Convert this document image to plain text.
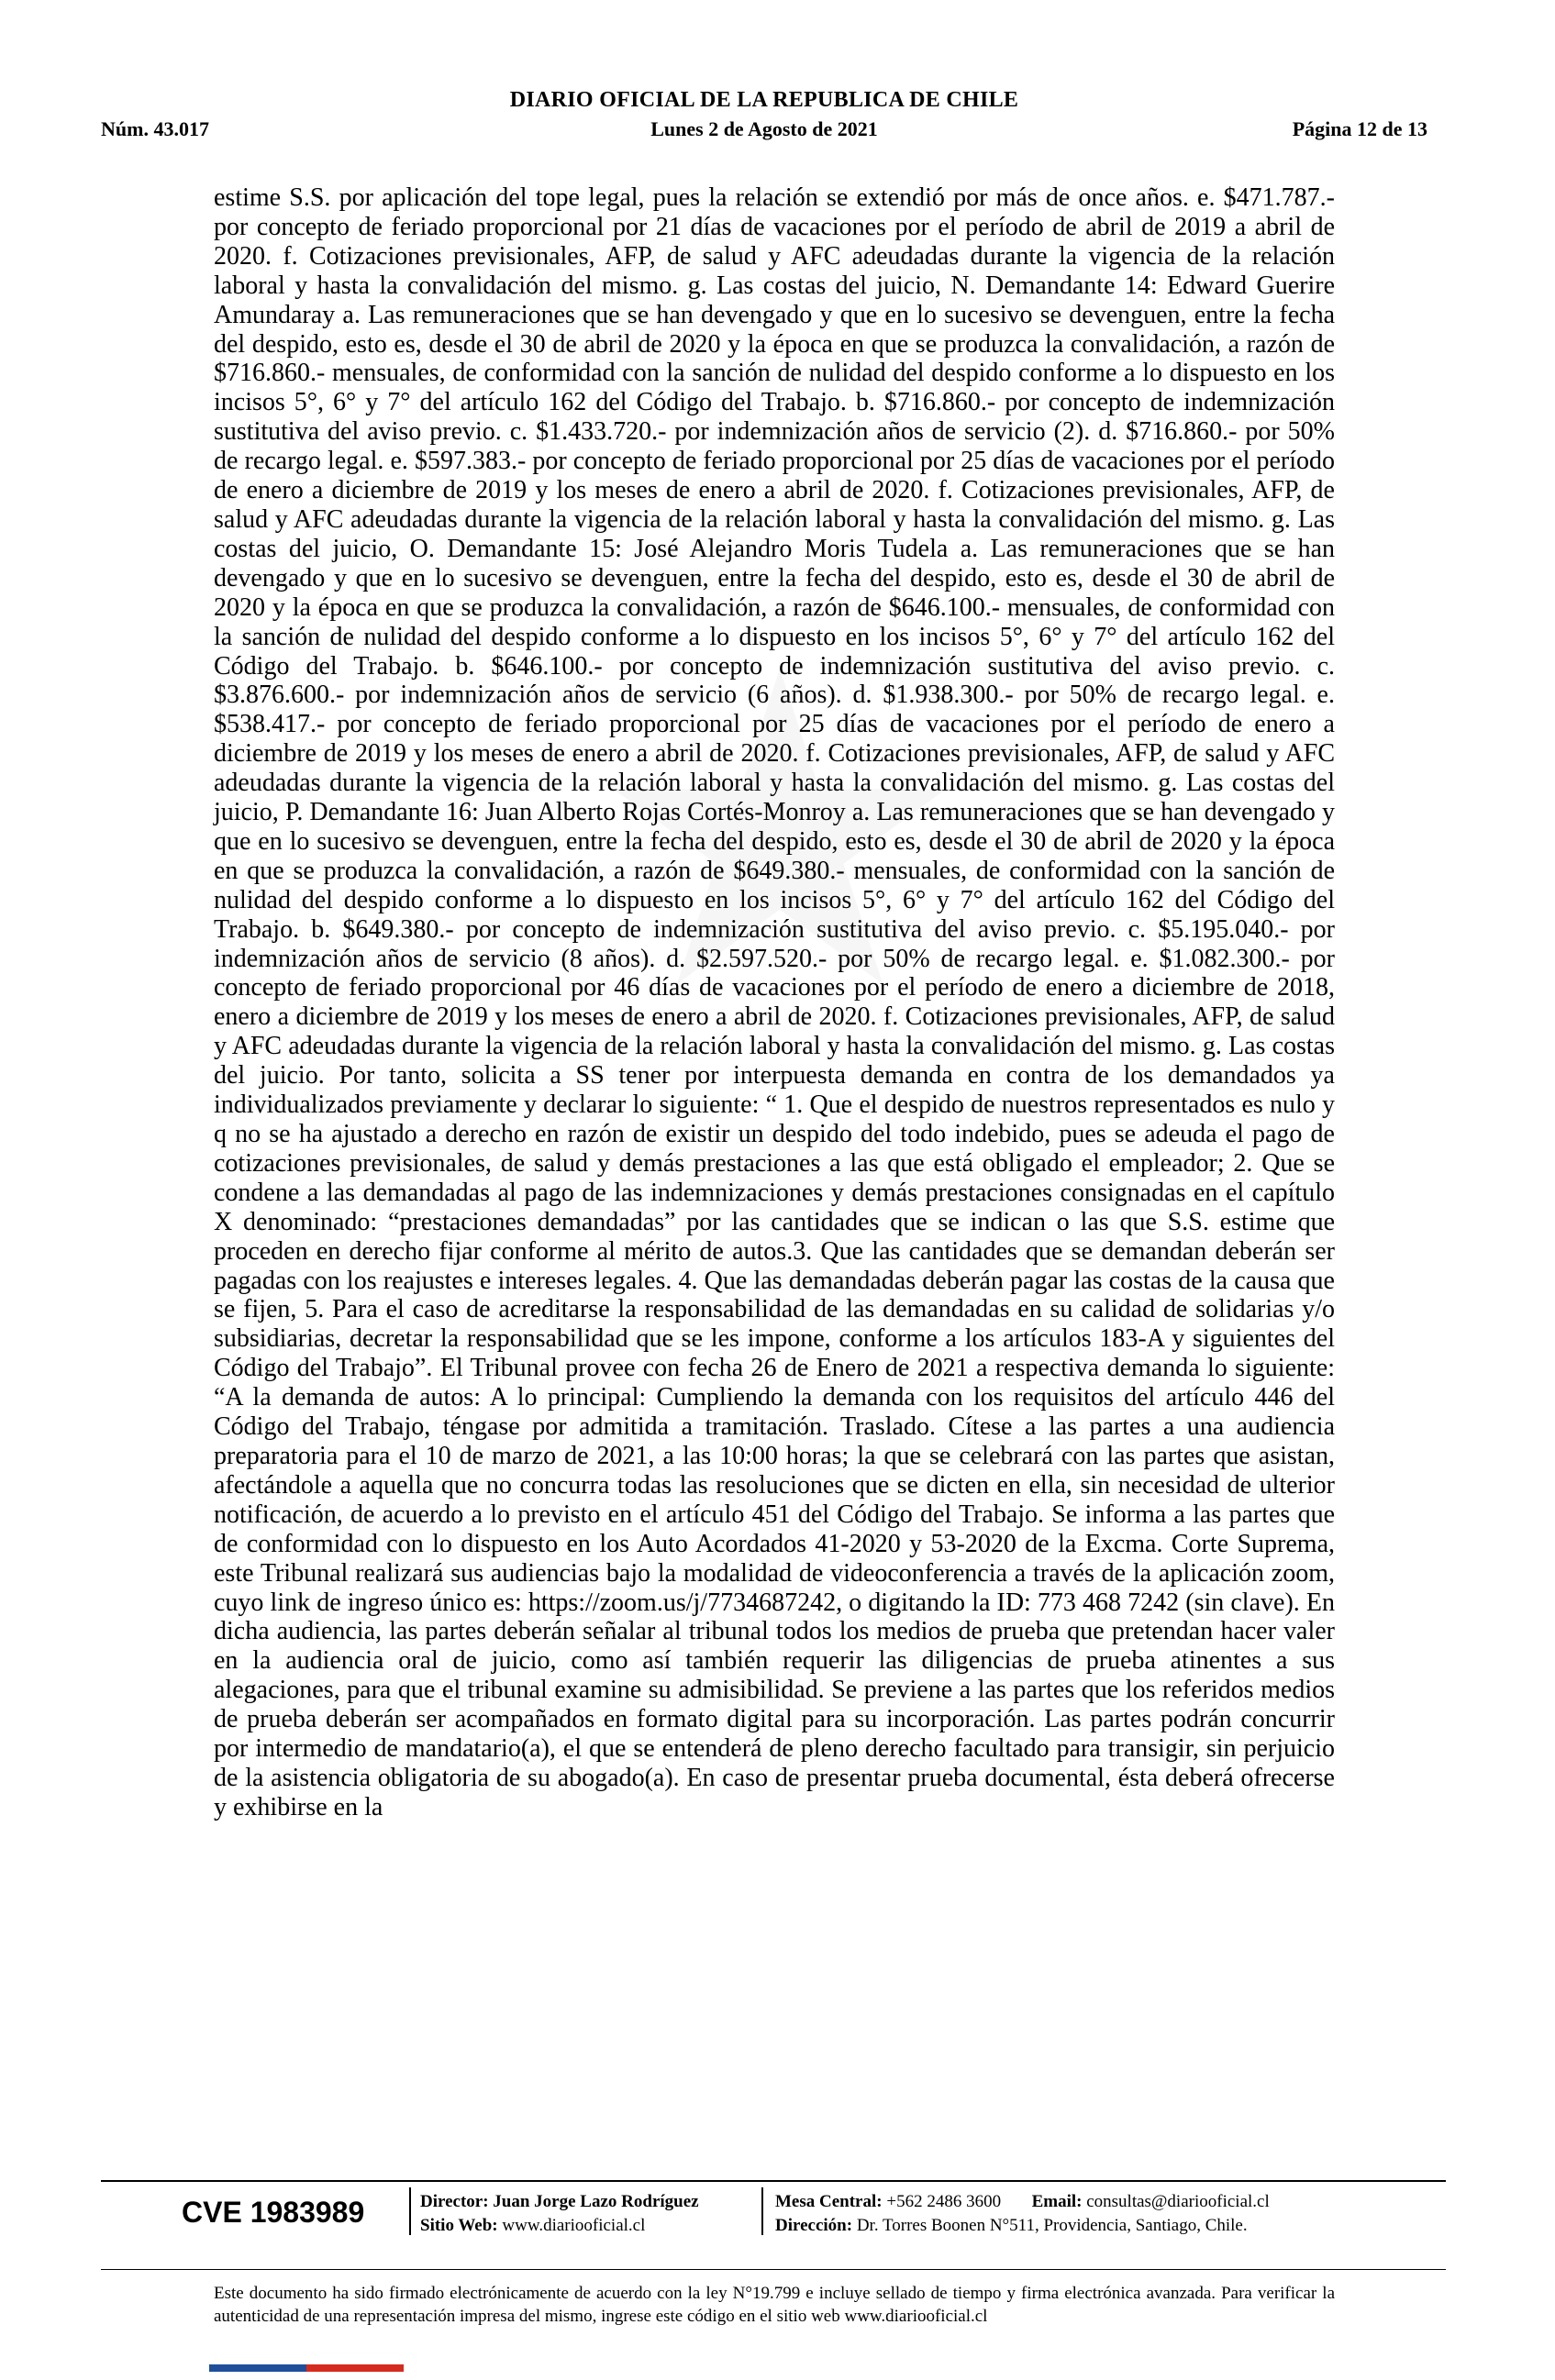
DIARIO OFICIAL DE LA REPUBLICA DE CHILE
Núm. 43.017	Lunes 2 de Agosto de 2021	Página 12 de 13

estime S.S. por aplicación del tope legal, pues la relación se extendió por más de once años. e. $471.787.- por concepto de feriado proporcional por 21 días de vacaciones por el período de abril de 2019 a abril de 2020. f. Cotizaciones previsionales, AFP, de salud y AFC adeudadas durante la vigencia de la relación laboral y hasta la convalidación del mismo. g. Las costas del juicio, N. Demandante 14: Edward Guerire Amundaray a. Las remuneraciones que se han devengado y que en lo sucesivo se devenguen, entre la fecha del despido, esto es, desde el 30 de abril de 2020 y la época en que se produzca la convalidación, a razón de $716.860.- mensuales, de conformidad con la sanción de nulidad del despido conforme a lo dispuesto en los incisos 5°, 6° y 7° del artículo 162 del Código del Trabajo. b. $716.860.- por concepto de indemnización sustitutiva del aviso previo. c. $1.433.720.- por indemnización años de servicio (2). d. $716.860.- por 50% de recargo legal. e. $597.383.- por concepto de feriado proporcional por 25 días de vacaciones por el período de enero a diciembre de 2019 y los meses de enero a abril de 2020. f. Cotizaciones previsionales, AFP, de salud y AFC adeudadas durante la vigencia de la relación laboral y hasta la convalidación del mismo. g. Las costas del juicio, O. Demandante 15: José Alejandro Moris Tudela a. Las remuneraciones que se han devengado y que en lo sucesivo se devenguen, entre la fecha del despido, esto es, desde el 30 de abril de 2020 y la época en que se produzca la convalidación, a razón de $646.100.- mensuales, de conformidad con la sanción de nulidad del despido conforme a lo dispuesto en los incisos 5°, 6° y 7° del artículo 162 del Código del Trabajo. b. $646.100.- por concepto de indemnización sustitutiva del aviso previo. c. $3.876.600.- por indemnización años de servicio (6 años). d. $1.938.300.- por 50% de recargo legal. e. $538.417.- por concepto de feriado proporcional por 25 días de vacaciones por el período de enero a diciembre de 2019 y los meses de enero a abril de 2020. f. Cotizaciones previsionales, AFP, de salud y AFC adeudadas durante la vigencia de la relación laboral y hasta la convalidación del mismo. g. Las costas del juicio, P. Demandante 16: Juan Alberto Rojas Cortés-Monroy a. Las remuneraciones que se han devengado y que en lo sucesivo se devenguen, entre la fecha del despido, esto es, desde el 30 de abril de 2020 y la época en que se produzca la convalidación, a razón de $649.380.- mensuales, de conformidad con la sanción de nulidad del despido conforme a lo dispuesto en los incisos 5°, 6° y 7° del artículo 162 del Código del Trabajo. b. $649.380.- por concepto de indemnización sustitutiva del aviso previo. c. $5.195.040.- por indemnización años de servicio (8 años). d. $2.597.520.- por 50% de recargo legal. e. $1.082.300.- por concepto de feriado proporcional por 46 días de vacaciones por el período de enero a diciembre de 2018, enero a diciembre de 2019 y los meses de enero a abril de 2020. f. Cotizaciones previsionales, AFP, de salud y AFC adeudadas durante la vigencia de la relación laboral y hasta la convalidación del mismo. g. Las costas del juicio. Por tanto, solicita a SS tener por interpuesta demanda en contra de los demandados ya individualizados previamente y declarar lo siguiente: “ 1. Que el despido de nuestros representados es nulo y q no se ha ajustado a derecho en razón de existir un despido del todo indebido, pues se adeuda el pago de cotizaciones previsionales, de salud y demás prestaciones a las que está obligado el empleador; 2. Que se condene a las demandadas al pago de las indemnizaciones y demás prestaciones consignadas en el capítulo X denominado: “prestaciones demandadas” por las cantidades que se indican o las que S.S. estime que proceden en derecho fijar conforme al mérito de autos.3. Que las cantidades que se demandan deberán ser pagadas con los reajustes e intereses legales. 4. Que las demandadas deberán pagar las costas de la causa que se fijen, 5. Para el caso de acreditarse la responsabilidad de las demandadas en su calidad de solidarias y/o subsidiarias, decretar la responsabilidad que se les impone, conforme a los artículos 183-A y siguientes del Código del Trabajo”. El Tribunal provee con fecha 26 de Enero de 2021 a respectiva demanda lo siguiente: “A la demanda de autos: A lo principal: Cumpliendo la demanda con los requisitos del artículo 446 del Código del Trabajo, téngase por admitida a tramitación. Traslado. Cítese a las partes a una audiencia preparatoria para el 10 de marzo de 2021, a las 10:00 horas; la que se celebrará con las partes que asistan, afectándole a aquella que no concurra todas las resoluciones que se dicten en ella, sin necesidad de ulterior notificación, de acuerdo a lo previsto en el artículo 451 del Código del Trabajo. Se informa a las partes que de conformidad con lo dispuesto en los Auto Acordados 41-2020 y 53-2020 de la Excma. Corte Suprema, este Tribunal realizará sus audiencias bajo la modalidad de videoconferencia a través de la aplicación zoom, cuyo link de ingreso único es: https://zoom.us/j/7734687242, o digitando la ID: 773 468 7242 (sin clave). En dicha audiencia, las partes deberán señalar al tribunal todos los medios de prueba que pretendan hacer valer en la audiencia oral de juicio, como así también requerir las diligencias de prueba atinentes a sus alegaciones, para que el tribunal examine su admisibilidad. Se previene a las partes que los referidos medios de prueba deberán ser acompañados en formato digital para su incorporación. Las partes podrán concurrir por intermedio de mandatario(a), el que se entenderá de pleno derecho facultado para transigir, sin perjuicio de la asistencia obligatoria de su abogado(a). En caso de presentar prueba documental, ésta deberá ofrecerse y exhibirse en la

CVE 1983989	Director: Juan Jorge Lazo Rodríguez
Sitio Web: www.diariooficial.cl
Mesa Central: +562 2486 3600 Email: consultas@diariooficial.cl
Dirección: Dr. Torres Boonen N°511, Providencia, Santiago, Chile.
Este documento ha sido firmado electrónicamente de acuerdo con la ley N°19.799 e incluye sellado de tiempo y firma electrónica avanzada. Para verificar la autenticidad de una representación impresa del mismo, ingrese este código en el sitio web www.diariooficial.cl
